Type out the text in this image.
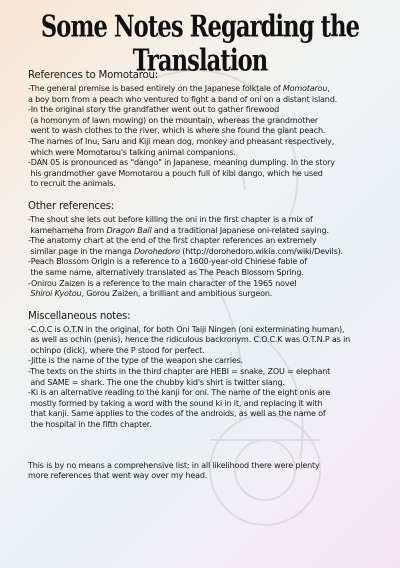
Some Notes Regarding the Translation
References to Momotarou:

-The general premise is based entirely on the Japanese folktale of Momotarou,

a boy born from a peach who ventured to fight a band of oni on a distant island.

-In the original story the grandfather went out to gather firewood

(a homonym of lawn mowing) on the mountain, whereas the grandmother

went to wash clothes to the river, which is where she found the giant peach.

-The names of Inu, Saru and Kiji mean dog, monkey and pheasant respectively,

which were Momotarou's talking animal companions.

-DAN 05 is pronounced as "dango" in Japanese, meaning dumpling. In the story

his grandmother gave Momotarou a pouch full of kibi dango, which he used

to recruit the animals.

Other references:

-The shout she lets out before killing the oni in the first chapter is a mix of

kamehameha from Dragon Ball and a traditional Japanese oni-related saying.

-The anatomy chart at the end of the first chapter references an extremely

similar page in the manga Dorohedoro (http://dorohedoro.wikia.com/wiki/Devils).

-Peach Blossom Origin is a reference to a 1600-year-old Chinese fable of

the same name, alternatively translated as The Peach Blossom Spring.

-Onirou Zaizen is a reference to the main character of the 1965 novel

Shiroi Kyotou, Gorou Zaizen, a brilliant and ambitious surgeon.

Miscellaneous notes:

-C.O.C is O.T.N in the original, for both Oni Taiji Ningen (oni exterminating human),

as well as ochin (penis), hence the ridiculous backronym. C.O.C.K was O.T.N.P as in

ochinpo (dick), where the P stood for perfect.

-Jitte is the name of the type of the weapon she carries.

-The texts on the shirts in the third chapter are HEBI = snake, ZOU = elephant

and SAME = shark. The one the chubby kid's shirt is twitter slang.

-Ki is an alternative reading to the kanji for oni. The name of the eight onis are

mostly formed by taking a word with the sound ki in it, and replacing it with

that kanji. Same applies to the codes of the androids, as well as the name of

the hospital in the fifth chapter.

This is by no means a comprehensive list; in all likelihood there were plenty

more references that went way over my head.
